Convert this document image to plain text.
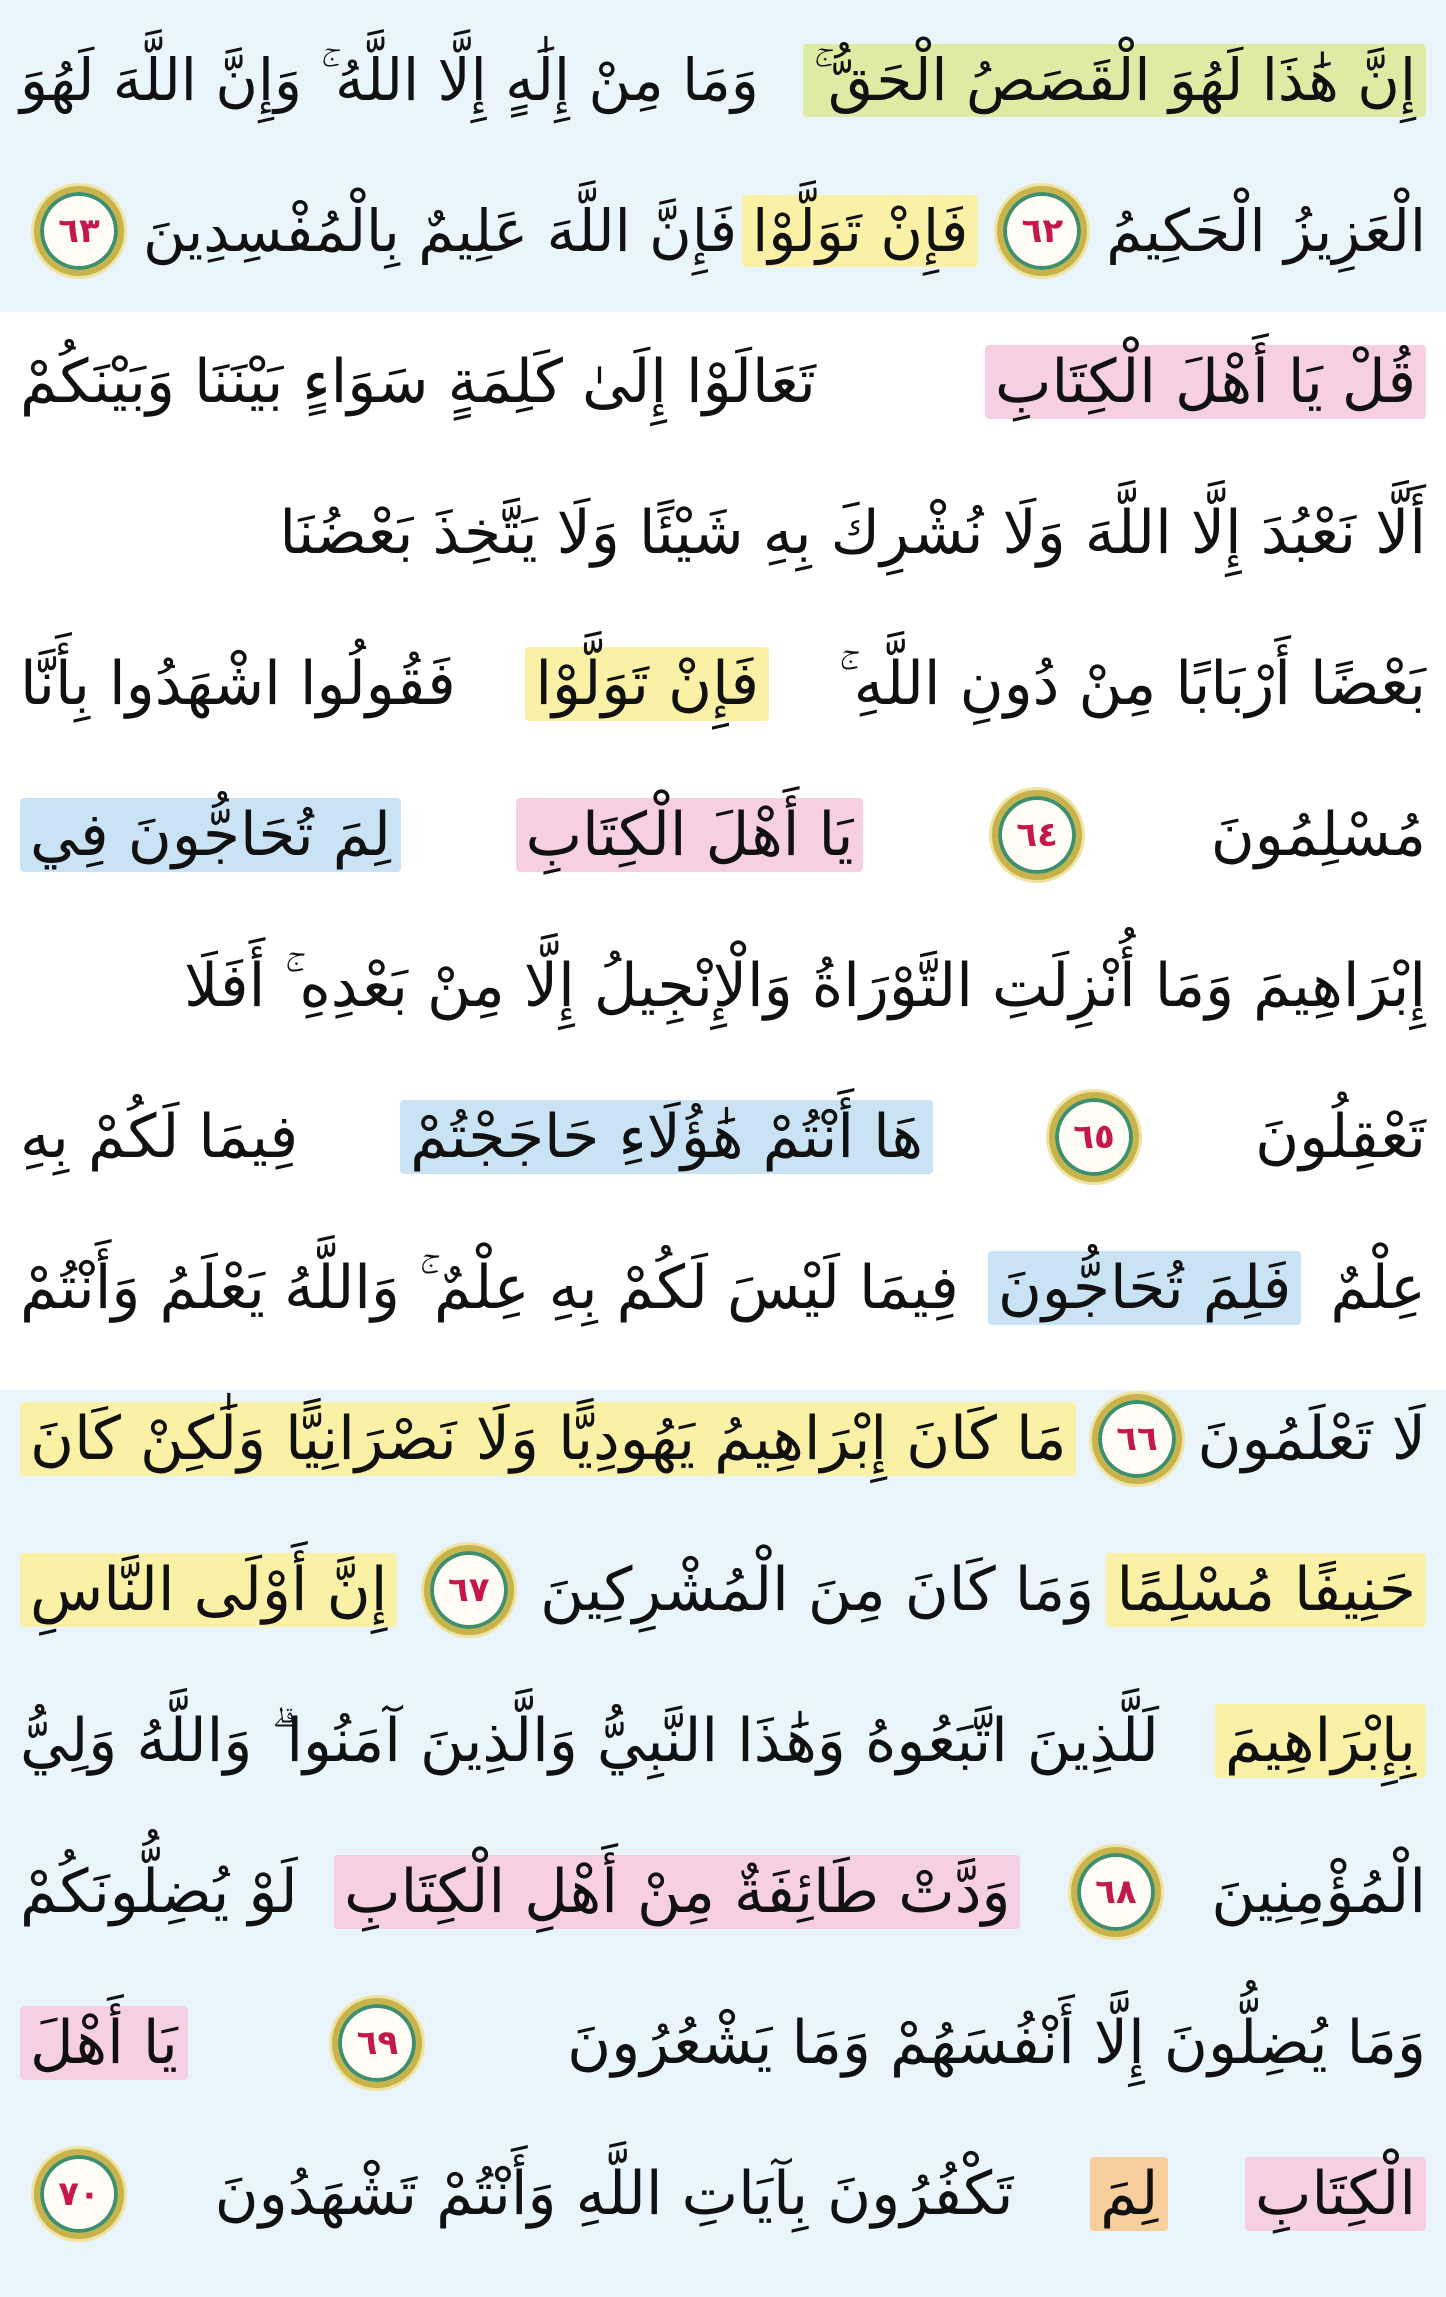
إِنَّ هَٰذَا لَهُوَ الْقَصَصُ الْحَقُّ ۚ
وَمَا مِنْ إِلَٰهٍ إِلَّا اللَّهُ ۚ وَإِنَّ اللَّهَ لَهُوَ
الْعَزِيزُ الْحَكِيمُ
٦٢
فَإِنْ تَوَلَّوْا
فَإِنَّ اللَّهَ عَلِيمٌ بِالْمُفْسِدِينَ
٦٣
قُلْ يَا أَهْلَ الْكِتَابِ
تَعَالَوْا إِلَىٰ كَلِمَةٍ سَوَاءٍ بَيْنَنَا وَبَيْنَكُمْ
أَلَّا نَعْبُدَ إِلَّا اللَّهَ وَلَا نُشْرِكَ بِهِ شَيْئًا وَلَا يَتَّخِذَ بَعْضُنَا
بَعْضًا أَرْبَابًا مِنْ دُونِ اللَّهِ ۚ
فَإِنْ تَوَلَّوْا
فَقُولُوا اشْهَدُوا بِأَنَّا
مُسْلِمُونَ
٦٤
يَا أَهْلَ الْكِتَابِ
لِمَ تُحَاجُّونَ فِي
إِبْرَاهِيمَ وَمَا أُنْزِلَتِ التَّوْرَاةُ وَالْإِنْجِيلُ إِلَّا مِنْ بَعْدِهِ ۚ أَفَلَا
تَعْقِلُونَ
٦٥
هَا أَنْتُمْ هَٰؤُلَاءِ حَاجَجْتُمْ
فِيمَا لَكُمْ بِهِ
عِلْمٌ
فَلِمَ تُحَاجُّونَ
فِيمَا لَيْسَ لَكُمْ بِهِ عِلْمٌ ۚ وَاللَّهُ يَعْلَمُ وَأَنْتُمْ
لَا تَعْلَمُونَ
٦٦
مَا كَانَ إِبْرَاهِيمُ يَهُودِيًّا وَلَا نَصْرَانِيًّا وَلَٰكِنْ كَانَ
حَنِيفًا مُسْلِمًا
وَمَا كَانَ مِنَ الْمُشْرِكِينَ
٦٧
إِنَّ أَوْلَى النَّاسِ
بِإِبْرَاهِيمَ
لَلَّذِينَ اتَّبَعُوهُ وَهَٰذَا النَّبِيُّ وَالَّذِينَ آمَنُوا ۗ وَاللَّهُ وَلِيُّ
الْمُؤْمِنِينَ
٦٨
وَدَّتْ طَائِفَةٌ مِنْ أَهْلِ الْكِتَابِ
لَوْ يُضِلُّونَكُمْ
وَمَا يُضِلُّونَ إِلَّا أَنْفُسَهُمْ وَمَا يَشْعُرُونَ
٦٩
يَا أَهْلَ
الْكِتَابِ
لِمَ
تَكْفُرُونَ بِآيَاتِ اللَّهِ وَأَنْتُمْ تَشْهَدُونَ
٧٠
